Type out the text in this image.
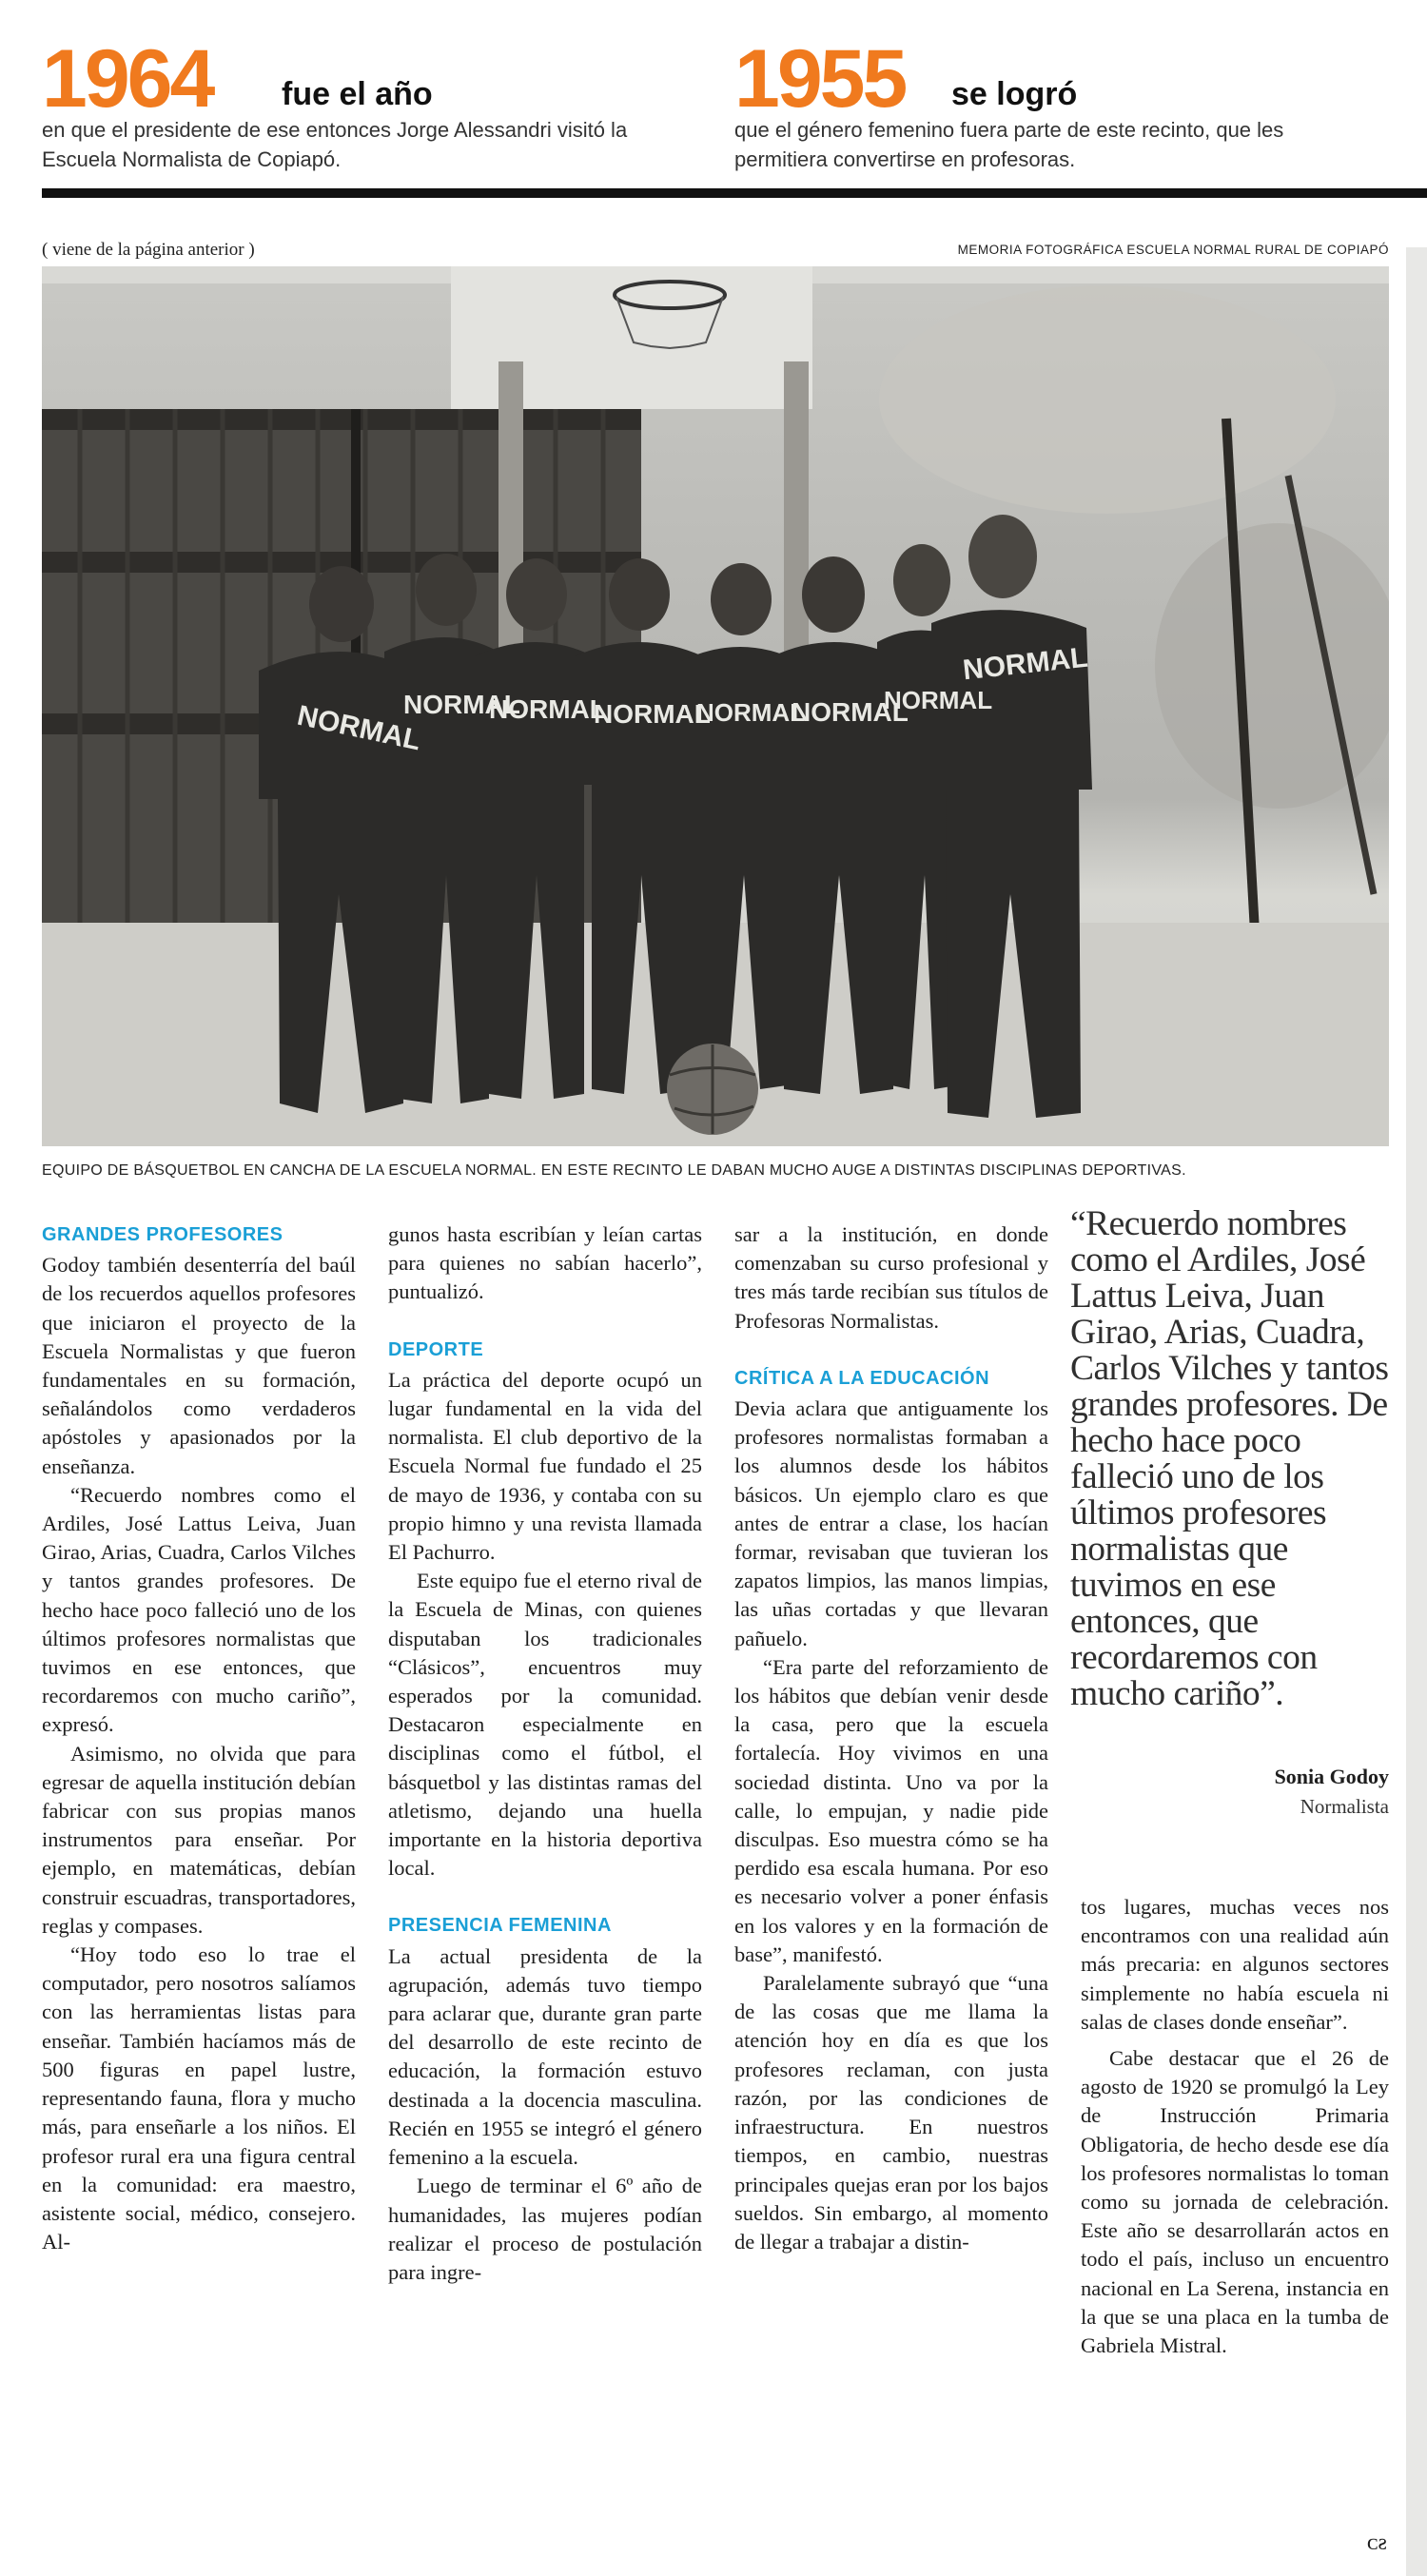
1964 fue el año
en que el presidente de ese entonces Jorge Alessandri visitó la
Escuela Normalista de Copiapó.
1955 se logró
que el género femenino fuera parte de este recinto, que les
permitiera convertirse en profesoras.
( viene de la página anterior )	MEMORIA FOTOGRÁFICA ESCUELA NORMAL RURAL DE COPIAPÓ
NORMAL
NORMAL
NORMAL
NORMAL
NORMAL
NORMAL
NORMAL
NORMAL
EQUIPO DE BÁSQUETBOL EN CANCHA DE LA ESCUELA NORMAL. EN ESTE RECINTO LE DABAN MUCHO AUGE A DISTINTAS DISCIPLINAS DEPORTIVAS.

GRANDES PROFESORES

Godoy también desenterría del baúl de los recuerdos aquellos profesores que iniciaron el proyecto de la Escuela Normalistas y que fueron fundamentales en su formación, señalándolos como verdaderos apóstoles y apasionados por la enseñanza.

“Recuerdo nombres como el Ardiles, José Lattus Leiva, Juan Girao, Arias, Cuadra, Carlos Vilches y tantos grandes profesores. De hecho hace poco falleció uno de los últimos profesores normalistas que tuvimos en ese entonces, que recordaremos con mucho cariño”, expresó.

Asimismo, no olvida que para egresar de aquella institución debían fabricar con sus propias manos instrumentos para enseñar. Por ejemplo, en matemáticas, debían construir escuadras, transportadores, reglas y compases.

“Hoy todo eso lo trae el computador, pero nosotros salíamos con las herramientas listas para enseñar. También hacíamos más de 500 figuras en papel lustre, representando fauna, flora y mucho más, para enseñarle a los niños. El profesor rural era una figura central en la comunidad: era maestro, asistente social, médico, consejero. Al-

gunos hasta escribían y leían cartas para quienes no sabían hacerlo”, puntualizó.

DEPORTE

La práctica del deporte ocupó un lugar fundamental en la vida del normalista. El club deportivo de la Escuela Normal fue fundado el 25 de mayo de 1936, y contaba con su propio himno y una revista llamada El Pachurro.

Este equipo fue el eterno rival de la Escuela de Minas, con quienes disputaban los tradicionales “Clásicos”, encuentros muy esperados por la comunidad. Destacaron especialmente en disciplinas como el fútbol, el básquetbol y las distintas ramas del atletismo, dejando una huella importante en la historia deportiva local.

PRESENCIA FEMENINA

La actual presidenta de la agrupación, además tuvo tiempo para aclarar que, durante gran parte del desarrollo de este recinto de educación, la formación estuvo destinada a la docencia masculina. Recién en 1955 se integró el género femenino a la escuela.

Luego de terminar el 6º año de humanidades, las mujeres podían realizar el proceso de postulación para ingre-

sar a la institución, en donde comenzaban su curso profesional y tres más tarde recibían sus títulos de Profesoras Normalistas.

CRÍTICA A LA EDUCACIÓN

Devia aclara que antiguamente los profesores normalistas formaban a los alumnos desde los hábitos básicos. Un ejemplo claro es que antes de entrar a clase, los hacían formar, revisaban que tuvieran los zapatos limpios, las manos limpias, las uñas cortadas y que llevaran pañuelo.

“Era parte del reforzamiento de los hábitos que debían venir desde la casa, pero que la escuela fortalecía. Hoy vivimos en una sociedad distinta. Uno va por la calle, lo empujan, y nadie pide disculpas. Eso muestra cómo se ha perdido esa escala humana. Por eso es necesario volver a poner énfasis en los valores y en la formación de base”, manifestó.

Paralelamente subrayó que “una de las cosas que me llama la atención hoy en día es que los profesores reclaman, con justa razón, por las condiciones de infraestructura. En nuestros tiempos, en cambio, nuestras principales quejas eran por los bajos sueldos. Sin embargo, al momento de llegar a trabajar a distin-

“Recuerdo nombres como el Ardiles, José Lattus Leiva, Juan Girao, Arias, Cuadra, Carlos Vilches y tantos grandes profesores. De hecho hace poco falleció uno de los últimos profesores normalistas que tuvimos en ese entonces, que recordaremos con mucho cariño”.
Sonia Godoy
Normalista

tos lugares, muchas veces nos encontramos con una realidad aún más precaria: en algunos sectores simplemente no había escuela ni salas de clases donde enseñar”.

Cabe destacar que el 26 de agosto de 1920 se promulgó la Ley de Instrucción Primaria Obligatoria, de hecho desde ese día los profesores normalistas lo toman como su jornada de celebración. Este año se desarrollarán actos en todo el país, incluso un encuentro nacional en La Serena, instancia en la que se una placa en la tumba de Gabriela Mistral.

ᴄƨ
